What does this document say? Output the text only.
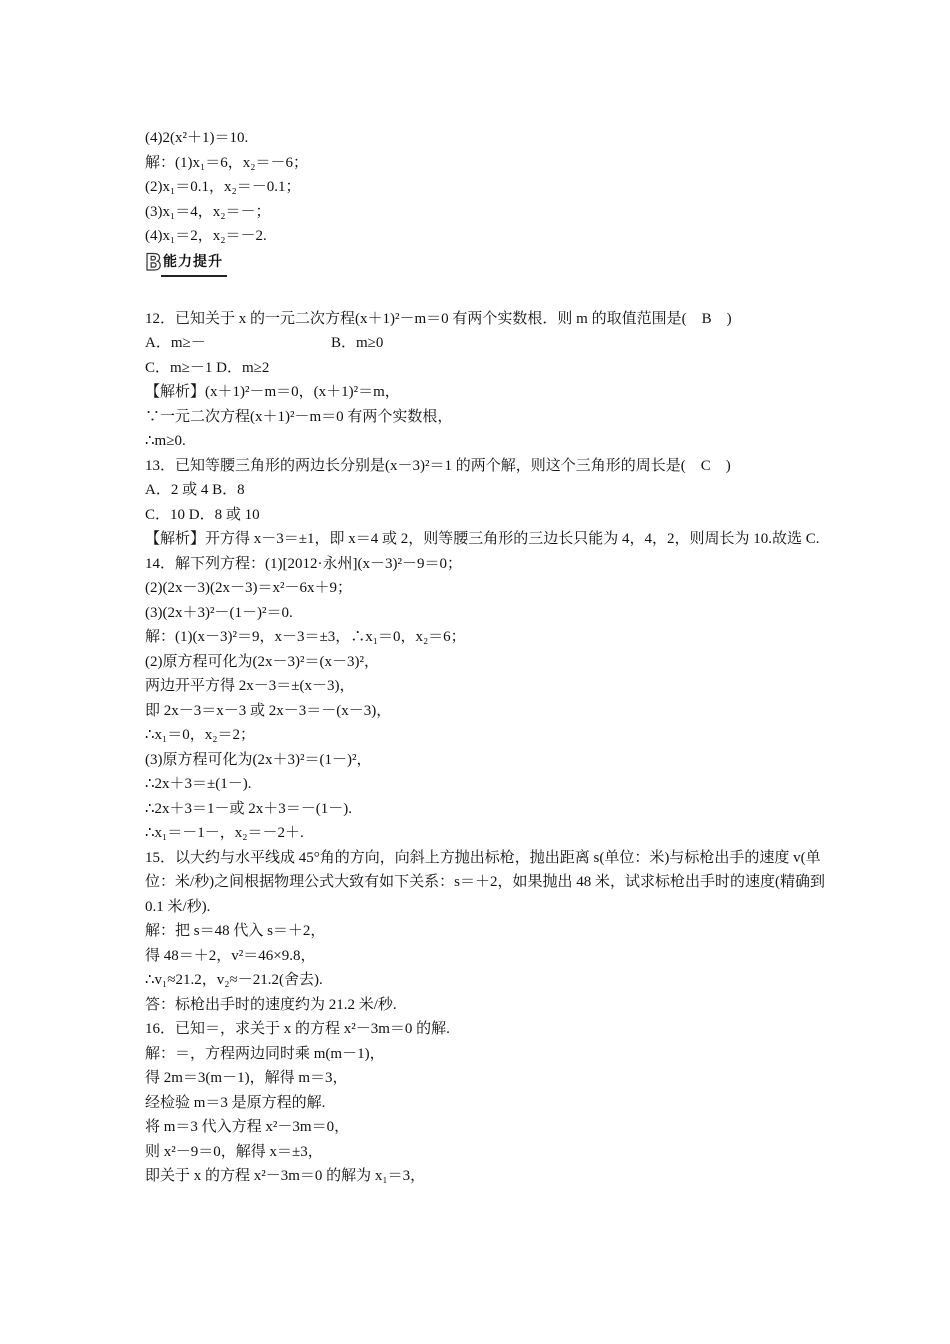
(4)2(x²＋1)＝10.
解：(1)x₁＝6，x₂＝－6；
(2)x₁＝0.1，x₂＝－0.1；
(3)x₁＝4，x₂＝－；
(4)x₁＝2，x₂＝－2.
B 能力提升
12．已知关于 x 的一元二次方程(x＋1)²－m＝0 有两个实数根．则 m 的取值范围是(　B　)
A．m≥－	B．m≥0
C．m≥－1 D．m≥2
【解析】(x＋1)²－m＝0，(x＋1)²＝m，
∵一元二次方程(x＋1)²－m＝0 有两个实数根，
∴m≥0.
13．已知等腰三角形的两边长分别是(x－3)²＝1 的两个解，则这个三角形的周长是(　C　)
A．2 或 4 B．8
C．10 D．8 或 10
【解析】开方得 x－3＝±1，即 x＝4 或 2，则等腰三角形的三边长只能为 4，4，2，则周长为 10.故选 C.
14．解下列方程：(1)[2012·永州](x－3)²－9＝0；
(2)(2x－3)(2x－3)＝x²－6x＋9；
(3)(2x＋3)²－(1－)²＝0.
解：(1)(x－3)²＝9，x－3＝±3，∴x₁＝0，x₂＝6；
(2)原方程可化为(2x－3)²＝(x－3)²，
两边开平方得 2x－3＝±(x－3)，
即 2x－3＝x－3 或 2x－3＝－(x－3)，
∴x₁＝0，x₂＝2；
(3)原方程可化为(2x＋3)²＝(1－)²，
∴2x＋3＝±(1－).
∴2x＋3＝1－或 2x＋3＝－(1－).
∴x₁＝－1－，x₂＝－2＋.
15．以大约与水平线成 45°角的方向，向斜上方抛出标枪，抛出距离 s(单位：米)与标枪出手的速度 v(单位：米/秒)之间根据物理公式大致有如下关系：s＝＋2，如果抛出 48 米，试求标枪出手时的速度(精确到 0.1 米/秒).
解：把 s＝48 代入 s＝＋2，
得 48＝＋2，v²＝46×9.8，
∴v₁≈21.2，v₂≈－21.2(舍去).
答：标枪出手时的速度约为 21.2 米/秒.
16．已知＝，求关于 x 的方程 x²－3m＝0 的解.
解：＝，方程两边同时乘 m(m－1)，
得 2m＝3(m－1)，解得 m＝3，
经检验 m＝3 是原方程的解.
将 m＝3 代入方程 x²－3m＝0，
则 x²－9＝0，解得 x＝±3，
即关于 x 的方程 x²－3m＝0 的解为 x₁＝3，
